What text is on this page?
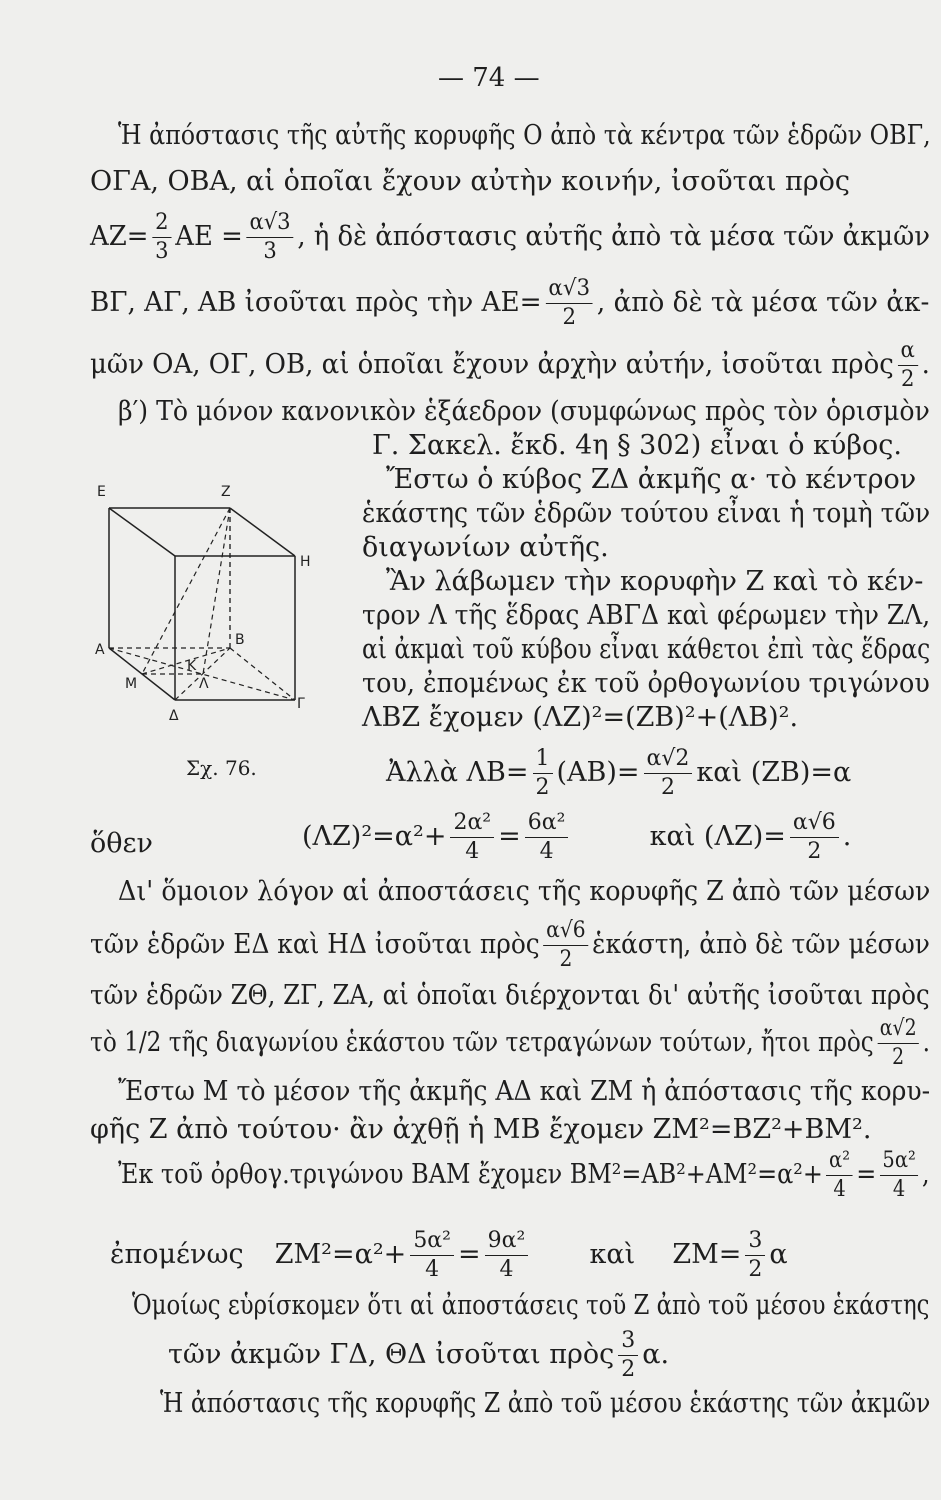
— 74 —
Ἡ ἀπόστασις τῆς αὐτῆς κορυφῆς Ο ἀπὸ τὰ κέντρα τῶν ἑδρῶν ΟΒΓ,
ΟΓΑ, ΟΒΑ, αἱ ὁποῖαι ἔχουν αὐτὴν κοινήν, ἰσοῦται πρὸς
$AZ= \frac{2}{3}$ $AE = \frac{\alpha√3}{3}$ , ἡ δὲ ἀπόστασις αὐτῆς ἀπὸ τὰ μέσα τῶν ἀκμῶν
ΒΓ, ΑΓ, ΑΒ ἰσοῦται πρὸς τὴν $AE= \frac{\alpha√3}{2}$ , ἀπὸ δὲ τὰ μέσα τῶν ἀκ-
μῶν ΟΑ, ΟΓ, ΟΒ, αἱ ὁποῖαι ἔχουν ἀρχὴν αὐτήν, ἰσοῦται πρὸς $\frac{\alpha}{2}$ .
β′) Τὸ μόνον κανονικὸν ἑξάεδρον (συμφώνως πρὸς τὸν ὁρισμὸν
Γ. Σακελ. ἔκδ. 4η § 302) εἶναι ὁ κύβος.
Ἔστω ὁ κύβος ΖΔ ἀκμῆς α· τὸ κέντρον
ἑκάστης τῶν ἑδρῶν τούτου εἶναι ἡ τομὴ τῶν
διαγωνίων αὐτῆς.
Ἂν λάβωμεν τὴν κορυφὴν Ζ καὶ τὸ κέν-
τρον Λ τῆς ἕδρας ΑΒΓΔ καὶ φέρωμεν τὴν ΖΛ,
αἱ ἀκμαὶ τοῦ κύβου εἶναι κάθετοι ἐπὶ τὰς ἕδρας
του, ἐπομένως ἐκ τοῦ ὀρθογωνίου τριγώνου
ΛΒΖ ἔχομεν (ΛΖ)²=(ΖΒ)²+(ΛΒ)².
Ἀλλὰ $\Lambda B= \frac{1}{2} (AB)= \frac{\alpha√2}{2}$ καὶ (ΖΒ)=α
Ε	Ζ
Η
Α
Β
Μ
Κ
Λ
Δ
Γ
Σχ. 76.
ὅθεν	$(\Lambda Z)^2=\alpha^2+ \frac{\text{2α²}}{4} = \frac{\text{6α²}}{4}$	καὶ $(\Lambda Z)= \frac{\alpha√6}{2}$ .
Δι' ὅμοιον λόγον αἱ ἀποστάσεις τῆς κορυφῆς Ζ ἀπὸ τῶν μέσων
τῶν ἑδρῶν ΕΔ καὶ ΗΔ ἰσοῦται πρὸς $\frac{\alpha√6}{2}$ ἑκάστη, ἀπὸ δὲ τῶν μέσων
τῶν ἑδρῶν ΖΘ, ΖΓ, ΖΑ, αἱ ὁποῖαι διέρχονται δι' αὐτῆς ἰσοῦται πρὸς
τὸ 1/2 τῆς διαγωνίου ἑκάστου τῶν τετραγώνων τούτων, ἤτοι πρὸς $\frac{\alpha√2}{2}$ .
Ἔστω Μ τὸ μέσον τῆς ἀκμῆς ΑΔ καὶ ΖΜ ἡ ἀπόστασις τῆς κορυ-
φῆς Ζ ἀπὸ τούτου· ἂν ἀχθῇ ἡ ΜΒ ἔχομεν ΖΜ²=ΒΖ²+ΒΜ².
Ἐκ τοῦ ὀρθογ.τριγώνου ΒΑΜ ἔχομεν $BM^2=AB^2+AM^2=\alpha^2+ \frac{\text{α²}}{4} = \frac{\text{5α²}}{4}$ ,
ἐπομένως $ZM^2=\alpha^2+ \frac{\text{5α²}}{4} = \frac{\text{9α²}}{4}$ καὶ $ZM= \frac{3}{2}$ α
Ὁμοίως εὑρίσκομεν ὅτι αἱ ἀποστάσεις τοῦ Ζ ἀπὸ τοῦ μέσου ἑκάστης
τῶν ἀκμῶν ΓΔ, ΘΔ ἰσοῦται πρὸς $\frac{3}{2} \alpha$.
Ἡ ἀπόστασις τῆς κορυφῆς Ζ ἀπὸ τοῦ μέσου ἑκάστης τῶν ἀκμῶν
